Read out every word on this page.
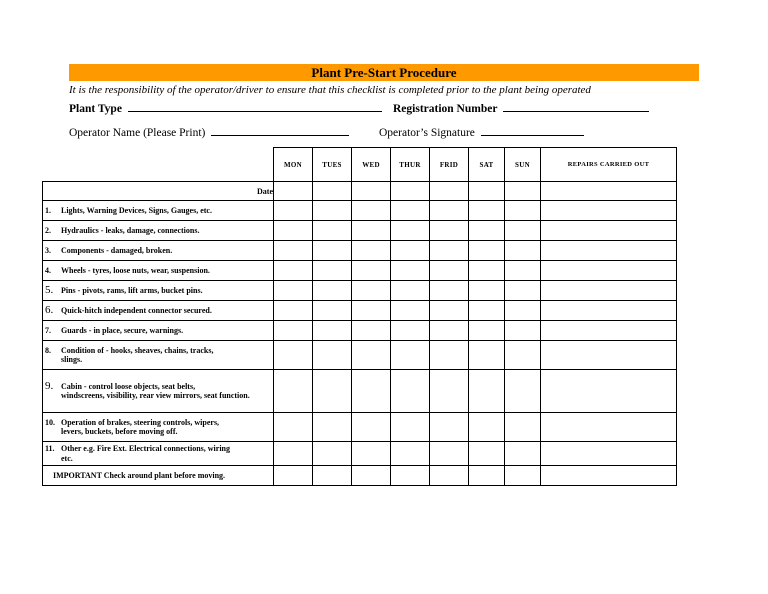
Plant Pre-Start Procedure
It is the responsibility of the operator/driver to ensure that this checklist is completed prior to the plant being operated
Plant Type	Registration Number
Operator Name (Please Print)	Operator’s Signature
MON	TUES	WED	THUR	FRID	SAT	SUN	REPAIRS CARRIED OUT
Date								
1. Lights, Warning Devices, Signs, Gauges, etc.								
2. Hydraulics - leaks, damage, connections.								
3. Components - damaged, broken.								
4. Wheels - tyres, loose nuts, wear, suspension.								
5. Pins - pivots, rams, lift arms, bucket pins.								
6. Quick-hitch independent connector secured.								
7. Guards - in place, secure, warnings.								
8. Condition of - hooks, sheaves, chains, tracks,
slings.								

9. Cabin - control loose objects, seat belts,
windscreens, visibility, rear view mirrors, seat function.								

10. Operation of brakes, steering controls, wipers,
levers, buckets, before moving off.								

11. Other e.g. Fire Ext. Electrical connections, wiring
etc.								

IMPORTANT Check around plant before moving.								
